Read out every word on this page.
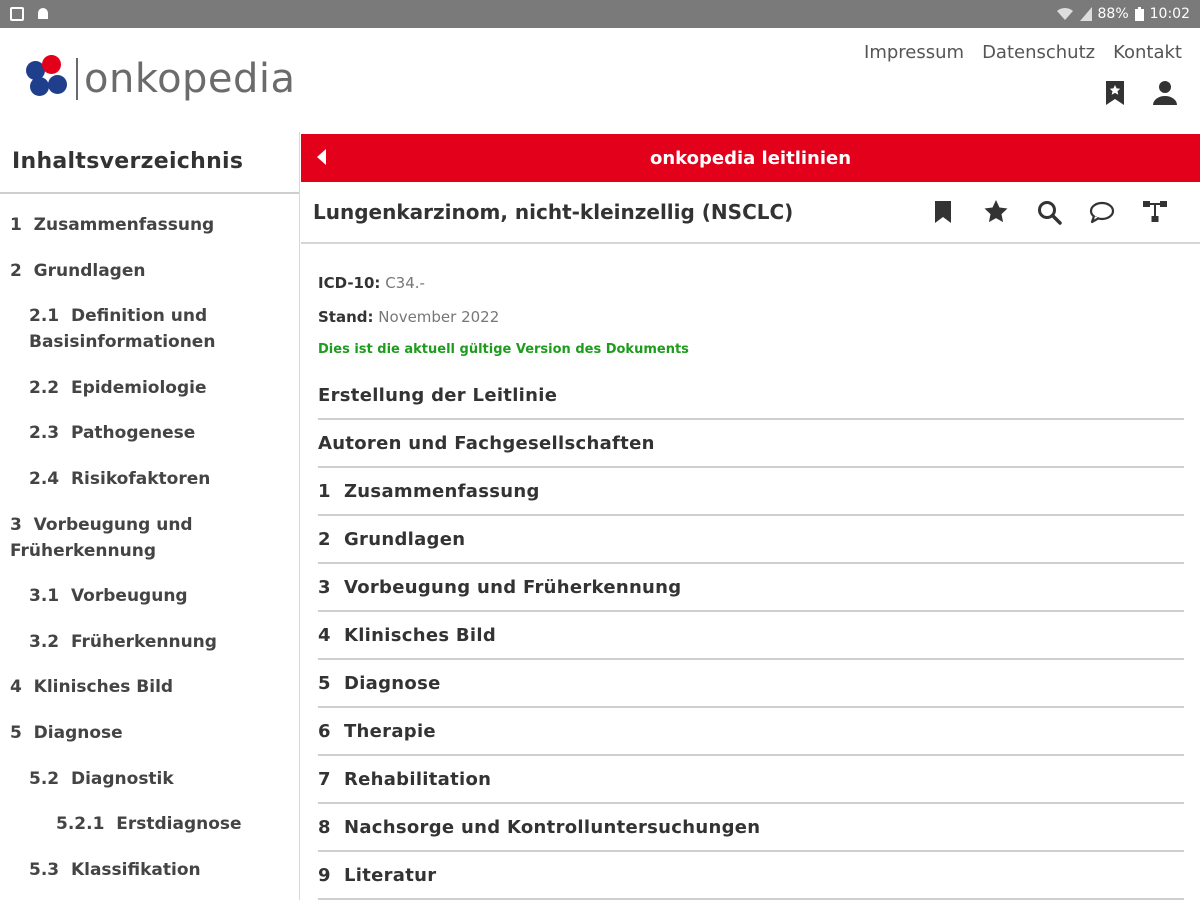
88% 10:02
onkopedia
Impressum Datenschutz Kontakt
Inhaltsverzeichnis
1  Zusammenfassung
2  Grundlagen
2.1  Definition und Basisinformationen
2.2  Epidemiologie
2.3  Pathogenese
2.4  Risikofaktoren
3  Vorbeugung und Früherkennung
3.1  Vorbeugung
3.2  Früherkennung
4  Klinisches Bild
5  Diagnose
5.2  Diagnostik
5.2.1  Erstdiagnose
5.3  Klassifikation
onkopedia leitlinien
Lungenkarzinom, nicht-kleinzellig (NSCLC)
ICD-10: C34.-
Stand: November 2022
Dies ist die aktuell gültige Version des Dokuments
Erstellung der Leitlinie
Autoren und Fachgesellschaften
1  Zusammenfassung
2  Grundlagen
3  Vorbeugung und Früherkennung
4  Klinisches Bild
5  Diagnose
6  Therapie
7  Rehabilitation
8  Nachsorge und Kontrolluntersuchungen
9  Literatur
